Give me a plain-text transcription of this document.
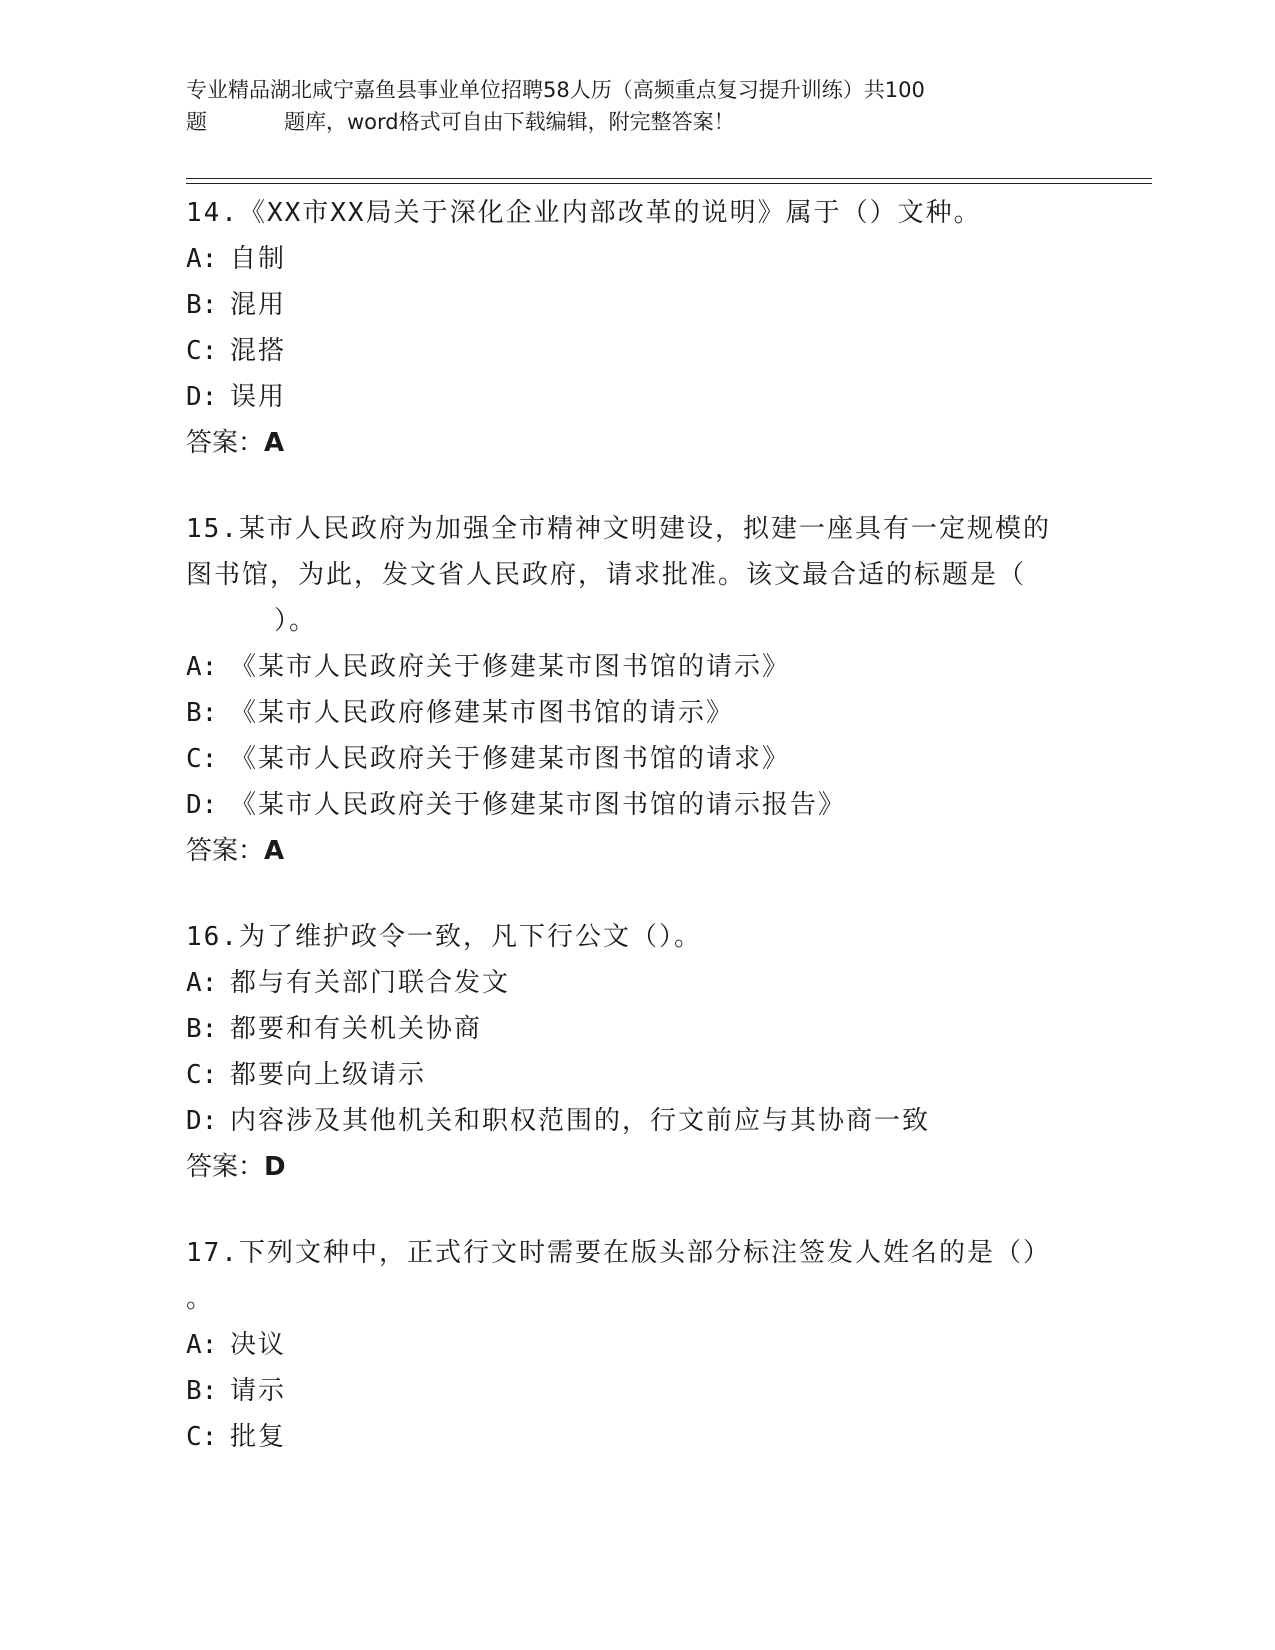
专业精品湖北咸宁嘉鱼县事业单位招聘58人历（高频重点复习提升训练）共100
题	题库，word格式可自由下载编辑，附完整答案！
14.《XX市XX局关于深化企业内部改革的说明》属于（）文种。
A: 自制
B: 混用
C: 混搭
D: 误用
答案：A
15.某市人民政府为加强全市精神文明建设，拟建一座具有一定规模的图书馆，为此，发文省人民政府，请求批准。该文最合适的标题是（
）。
A: 《某市人民政府关于修建某市图书馆的请示》
B: 《某市人民政府修建某市图书馆的请示》
C: 《某市人民政府关于修建某市图书馆的请求》
D: 《某市人民政府关于修建某市图书馆的请示报告》
答案：A
16.为了维护政令一致，凡下行公文（）。
A: 都与有关部门联合发文
B: 都要和有关机关协商
C: 都要向上级请示
D: 内容涉及其他机关和职权范围的，行文前应与其协商一致
答案：D
17.下列文种中，正式行文时需要在版头部分标注签发人姓名的是（）
。
A: 决议
B: 请示
C: 批复
